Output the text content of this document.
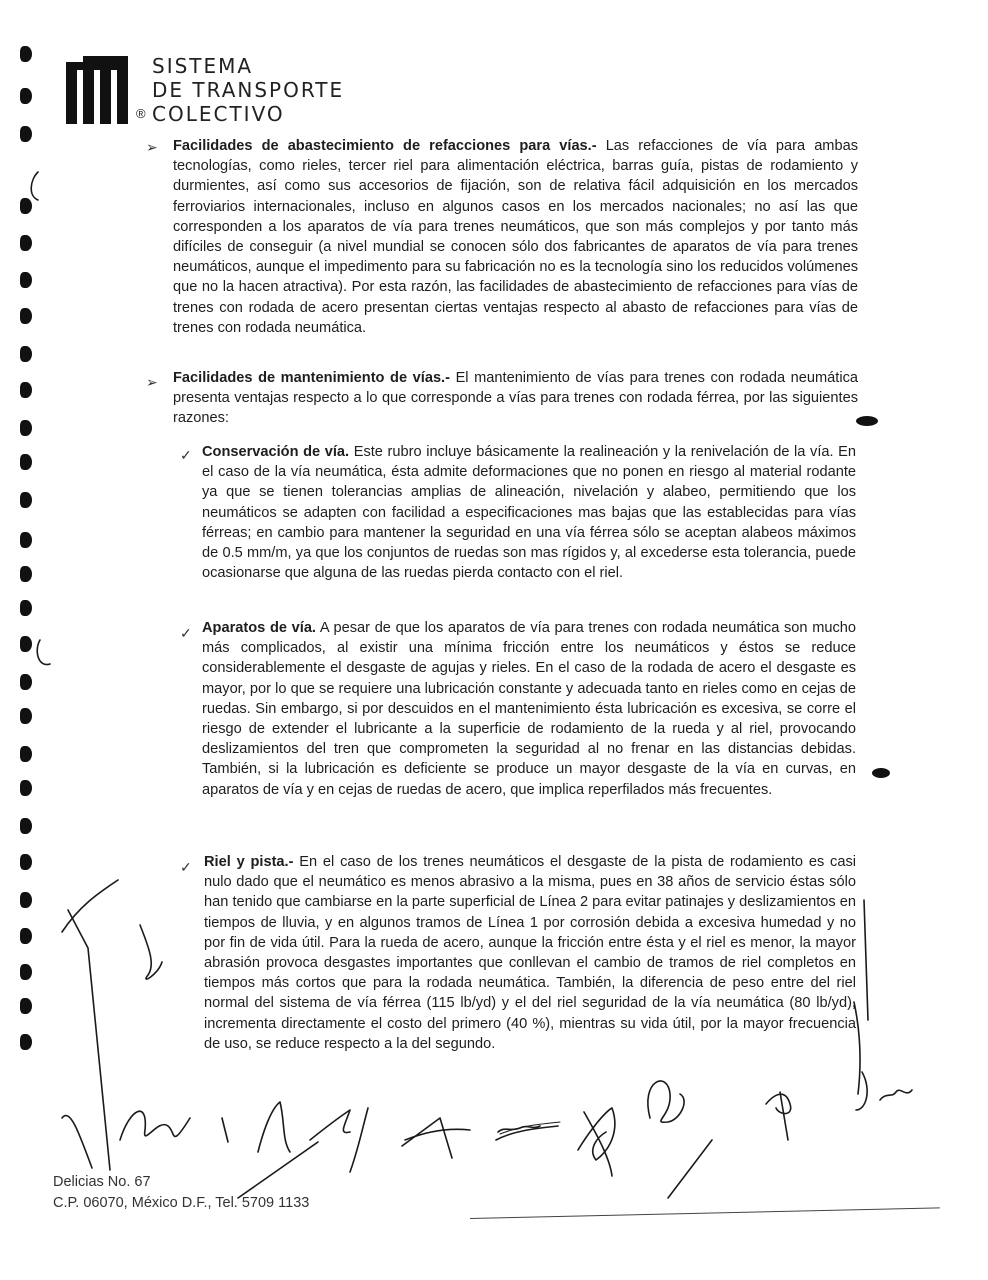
®
SISTEMA
DE TRANSPORTE
COLECTIVO
➢ Facilidades de abastecimiento de refacciones para vías.- Las refacciones de vía para ambas tecnologías, como rieles, tercer riel para alimentación eléctrica, barras guía, pistas de rodamiento y durmientes, así como sus accesorios de fijación, son de relativa fácil adquisición en los mercados ferroviarios internacionales, incluso en algunos casos en los mercados nacionales; no así las que corresponden a los aparatos de vía para trenes neumáticos, que son más complejos y por tanto más difíciles de conseguir (a nivel mundial se conocen sólo dos fabricantes de aparatos de vía para trenes neumáticos, aunque el impedimento para su fabricación no es la tecnología sino los reducidos volúmenes que no la hacen atractiva). Por esta razón, las facilidades de abastecimiento de refacciones para vías de trenes con rodada de acero presentan ciertas ventajas respecto al abasto de refacciones para vías de trenes con rodada neumática.
➢ Facilidades de mantenimiento de vías.- El mantenimiento de vías para trenes con rodada neumática presenta ventajas respecto a lo que corresponde a vías para trenes con rodada férrea, por las siguientes razones:
✓ Conservación de vía. Este rubro incluye básicamente la realineación y la renivelación de la vía. En el caso de la vía neumática, ésta admite deformaciones que no ponen en riesgo al material rodante ya que se tienen tolerancias amplias de alineación, nivelación y alabeo, permitiendo que los neumáticos se adapten con facilidad a especificaciones mas bajas que las establecidas para vías férreas; en cambio para mantener la seguridad en una vía férrea sólo se aceptan alabeos máximos de 0.5 mm/m, ya que los conjuntos de ruedas son mas rígidos y, al excederse esta tolerancia, puede ocasionarse que alguna de las ruedas pierda contacto con el riel.
✓ Aparatos de vía. A pesar de que los aparatos de vía para trenes con rodada neumática son mucho más complicados, al existir una mínima fricción entre los neumáticos y éstos se reduce considerablemente el desgaste de agujas y rieles. En el caso de la rodada de acero el desgaste es mayor, por lo que se requiere una lubricación constante y adecuada tanto en rieles como en cejas de ruedas. Sin embargo, si por descuidos en el mantenimiento ésta lubricación es excesiva, se corre el riesgo de extender el lubricante a la superficie de rodamiento de la rueda y al riel, provocando deslizamientos del tren que comprometen la seguridad al no frenar en las distancias debidas. También, si la lubricación es deficiente se produce un mayor desgaste de la vía en curvas, en aparatos de vía y en cejas de ruedas de acero, que implica reperfilados más frecuentes.
✓ Riel y pista.- En el caso de los trenes neumáticos el desgaste de la pista de rodamiento es casi nulo dado que el neumático es menos abrasivo a la misma, pues en 38 años de servicio éstas sólo han tenido que cambiarse en la parte superficial de Línea 2 para evitar patinajes y deslizamientos en tiempos de lluvia, y en algunos tramos de Línea 1 por corrosión debida a excesiva humedad y no por fin de vida útil. Para la rueda de acero, aunque la fricción entre ésta y el riel es menor, la mayor abrasión provoca desgastes importantes que conllevan el cambio de tramos de riel completos en tiempos más cortos que para la rodada neumática. También, la diferencia de peso entre del riel normal del sistema de vía férrea (115 lb/yd) y el del riel seguridad de la vía neumática (80 lb/yd), incrementa directamente el costo del primero (40 %), mientras su vida útil, por la mayor frecuencia de uso, se reduce respecto a la del segundo.
Delicias No. 67
C.P. 06070, México D.F., Tel. 5709 1133
